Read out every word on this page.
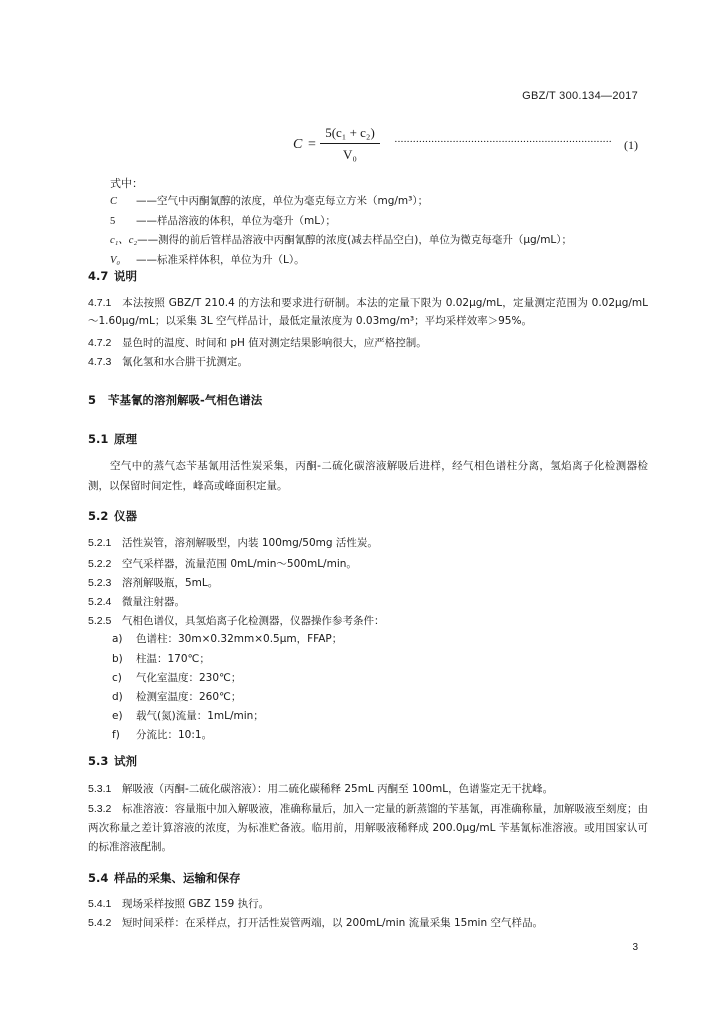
GBZ/T 300.134—2017
C =
5(c₁ + c₂)
V₀
······································································· (1)
式中：
C ——空气中丙酮氰醇的浓度，单位为毫克每立方米（mg/m³）；
5 ——样品溶液的体积，单位为毫升（mL）；
c₁、c₂——测得的前后管样品溶液中丙酮氰醇的浓度(减去样品空白)，单位为微克每毫升（μg/mL）；
V₀ ——标准采样体积，单位为升（L）。
4.7 说明
4.7.1 本法按照 GBZ/T 210.4 的方法和要求进行研制。本法的定量下限为 0.02μg/mL，定量测定范围为 0.02μg/mL～1.60μg/mL；以采集 3L 空气样品计，最低定量浓度为 0.03mg/m³；平均采样效率＞95%。
4.7.2 显色时的温度、时间和 pH 值对测定结果影响很大，应严格控制。
4.7.3 氰化氢和水合肼干扰测定。
5 苄基氰的溶剂解吸-气相色谱法
5.1 原理
空气中的蒸气态苄基氰用活性炭采集，丙酮-二硫化碳溶液解吸后进样，经气相色谱柱分离，氢焰离子化检测器检测，以保留时间定性，峰高或峰面积定量。
5.2 仪器
5.2.1 活性炭管，溶剂解吸型，内装 100mg/50mg 活性炭。
5.2.2 空气采样器，流量范围 0mL/min～500mL/min。
5.2.3 溶剂解吸瓶，5mL。
5.2.4 微量注射器。
5.2.5 气相色谱仪，具氢焰离子化检测器，仪器操作参考条件：
a) 色谱柱：30m×0.32mm×0.5μm，FFAP；
b) 柱温：170℃；
c) 气化室温度：230℃；
d) 检测室温度：260℃；
e) 载气(氮)流量：1mL/min；
f) 分流比：10:1。
5.3 试剂
5.3.1 解吸液（丙酮-二硫化碳溶液）：用二硫化碳稀释 25mL 丙酮至 100mL，色谱鉴定无干扰峰。
5.3.2 标准溶液：容量瓶中加入解吸液，准确称量后，加入一定量的新蒸馏的苄基氰，再准确称量，加解吸液至刻度；由两次称量之差计算溶液的浓度，为标准贮备液。临用前，用解吸液稀释成 200.0μg/mL 苄基氰标准溶液。或用国家认可的标准溶液配制。
5.4 样品的采集、运输和保存
5.4.1 现场采样按照 GBZ 159 执行。
5.4.2 短时间采样：在采样点，打开活性炭管两端，以 200mL/min 流量采集 15min 空气样品。
3
